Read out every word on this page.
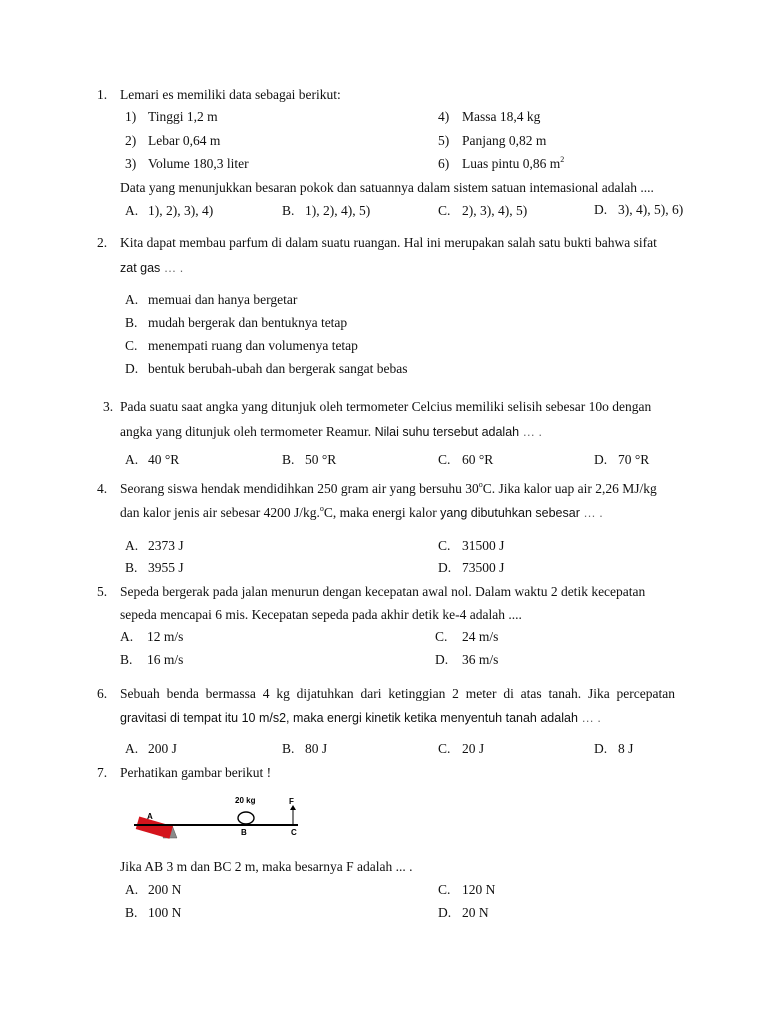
1. Lemari es memiliki data sebagai berikut:
1) Tinggi 1,2 m
2) Lebar 0,64 m
3) Volume 180,3 liter
4) Massa 18,4 kg
5) Panjang 0,82 m
6) Luas pintu 0,86 $m^2$
Data yang menunjukkan besaran pokok dan satuannya dalam sistem satuan intemasional adalah ....
A. 1), 2), 3), 4)	B. 1), 2), 4), 5)	C. 2), 3), 4), 5)	D. 3), 4), 5), 6)
2. Kita dapat membau parfum di dalam suatu ruangan. Hal ini merupakan salah satu bukti bahwa sifat
zat gas … .
A. memuai dan hanya bergetar
B. mudah bergerak dan bentuknya tetap
C. menempati ruang dan volumenya tetap
D. bentuk berubah-ubah dan bergerak sangat bebas
3. Pada suatu saat angka yang ditunjuk oleh termometer Celcius memiliki selisih sebesar 10o dengan
angka yang ditunjuk oleh termometer Reamur. Nilai suhu tersebut adalah … .
A. 40 °R	B. 50 °R	C. 60 °R	D. 70 °R
4. Seorang siswa hendak mendidihkan 250 gram air yang bersuhu 30$^o$C. Jika kalor uap air 2,26 MJ/kg
dan kalor jenis air sebesar 4200 J/kg.$^o$C, maka energi kalor yang dibutuhkan sebesar … .
A. 2373 J
B. 3955 J
C. 31500 J
D. 73500 J
5. Sepeda bergerak pada jalan menurun dengan kecepatan awal nol. Dalam waktu 2 detik kecepatan
sepeda mencapai 6 mis. Kecepatan sepeda pada akhir detik ke-4 adalah ....
A. 12 m/s
B. 16 m/s
C. 24 m/s
D. 36 m/s
6. Sebuah benda bermassa 4 kg dijatuhkan dari ketinggian 2 meter di atas tanah. Jika percepatan
gravitasi di tempat itu 10 m/s2, maka energi kinetik ketika menyentuh tanah adalah … .
A. 200 J	B. 80 J	C. 20 J	D. 8 J
7. Perhatikan gambar berikut !
20 kg	F
A
B	C
Jika AB 3 m dan BC 2 m, maka besarnya F adalah ... .
A. 200 N
B. 100 N
C. 120 N
D. 20 N
